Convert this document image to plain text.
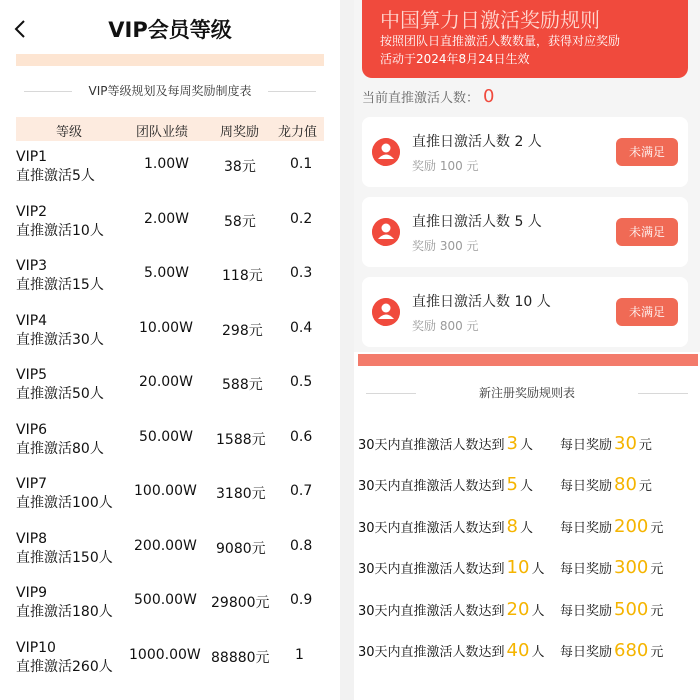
VIP会员等级
VIP等级规划及每周奖励制度表
等级	团队业绩 周奖励 龙力值
VIP1
直推激活5人
1.00W 38元 0.1
VIP2
直推激活10人
2.00W 58元 0.2
VIP3
直推激活15人
5.00W 118元 0.3
VIP4
直推激活30人
10.00W 298元 0.4
VIP5
直推激活50人
20.00W 588元 0.5
VIP6
直推激活80人
50.00W 1588元 0.6
VIP7
直推激活100人
100.00W 3180元 0.7
VIP8
直推激活150人
200.00W 9080元 0.8
VIP9
直推激活180人
500.00W 29800元 0.9
VIP10
直推激活260人
1000.00W 88880元 1
中国算力日激活奖励规则
按照团队日直推激活人数数量，获得对应奖励
活动于2024年8月24日生效
当前直推激活人数： 0
直推日激活人数 2 人
奖励 100 元
未满足
直推日激活人数 5 人
奖励 300 元
未满足
直推日激活人数 10 人
奖励 800 元
未满足
新注册奖励规则表
30天内直推激活人数达到 3 人 每日奖励 30 元
30天内直推激活人数达到 5 人 每日奖励 80 元
30天内直推激活人数达到 8 人 每日奖励 200 元
30天内直推激活人数达到 10 人 每日奖励 300 元
30天内直推激活人数达到 20 人 每日奖励 500 元
30天内直推激活人数达到 40 人 每日奖励 680 元
